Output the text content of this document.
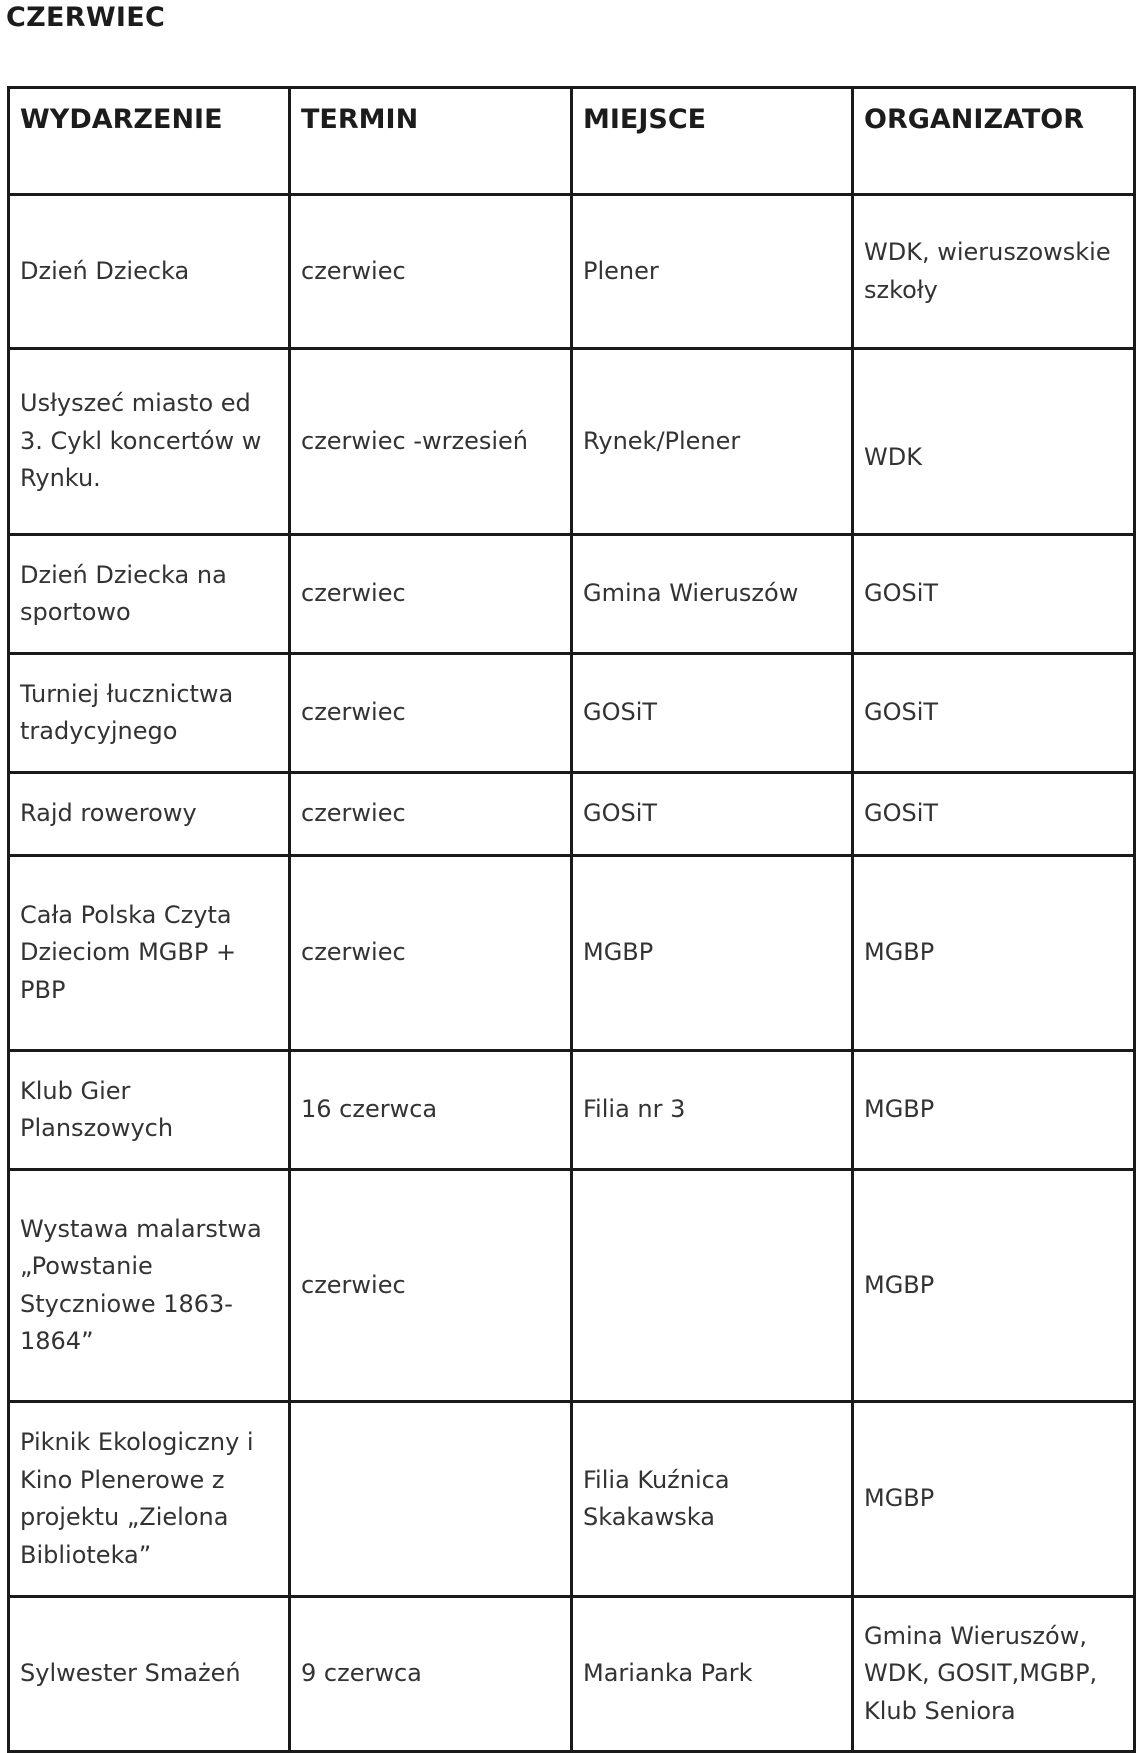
CZERWIEC
WYDARZENIE	TERMIN	MIEJSCE	ORGANIZATOR
Dzień Dziecka	czerwiec	Plener	WDK, wieruszowskie szkoły
Usłyszeć miasto ed 3. Cykl koncertów w Rynku.	czerwiec -wrzesień	Rynek/Plener	WDK
Dzień Dziecka na sportowo	czerwiec	Gmina Wieruszów	GOSiT
Turniej łucznictwa tradycyjnego	czerwiec	GOSiT	GOSiT
Rajd rowerowy	czerwiec	GOSiT	GOSiT
Cała Polska Czyta Dzieciom MGBP + PBP	czerwiec	MGBP	MGBP
Klub Gier Planszowych	16 czerwca	Filia nr 3	MGBP
Wystawa malarstwa „Powstanie Styczniowe 1863-1864”	czerwiec		MGBP
Piknik Ekologiczny i Kino Plenerowe z projektu „Zielona Biblioteka”		Filia Kuźnica Skakawska	MGBP
Sylwester Smażeń	9 czerwca	Marianka Park	Gmina Wieruszów, WDK, GOSIT,MGBP, Klub Seniora
